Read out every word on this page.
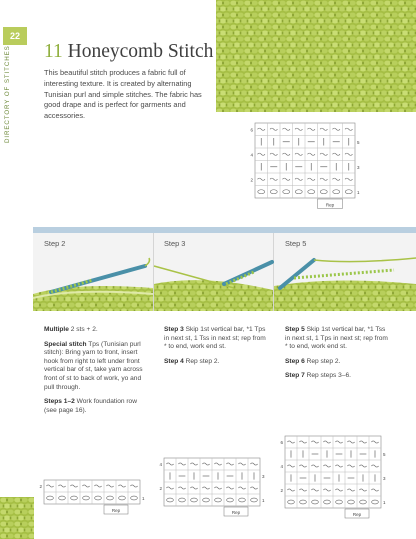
22
DIRECTORY OF STITCHES 11 Honeycomb Stitch
This beautiful stitch produces a fabric full of interesting texture. It is created by alternating Tunisian purl and simple stitches. The fabric has good drape and is perfect for garments and accessories.
6
5
4
3
2
1
Rep
Step 2	Step 3	Step 5

Multiple 2 sts + 2.

Special stitch Tps (Tunisian purl stitch): Bring yarn to front, insert hook from right to left under front vertical bar of st, take yarn across front of st to back of work, yo and pull through.

Steps 1–2 Work foundation row (see page 16).

Step 3 Skip 1st vertical bar, *1 Tps in next st, 1 Tss in next st; rep from * to end, work end st.

Step 4 Rep step 2.

Step 5 Skip 1st vertical bar, *1 Tss in next st, 1 Tps in next st; rep from * to end, work end st.

Step 6 Rep step 2.

Step 7 Rep steps 3–6.

2
1
Rep
4
3
2
1
Rep
6
5
4
3
2
1
Rep
